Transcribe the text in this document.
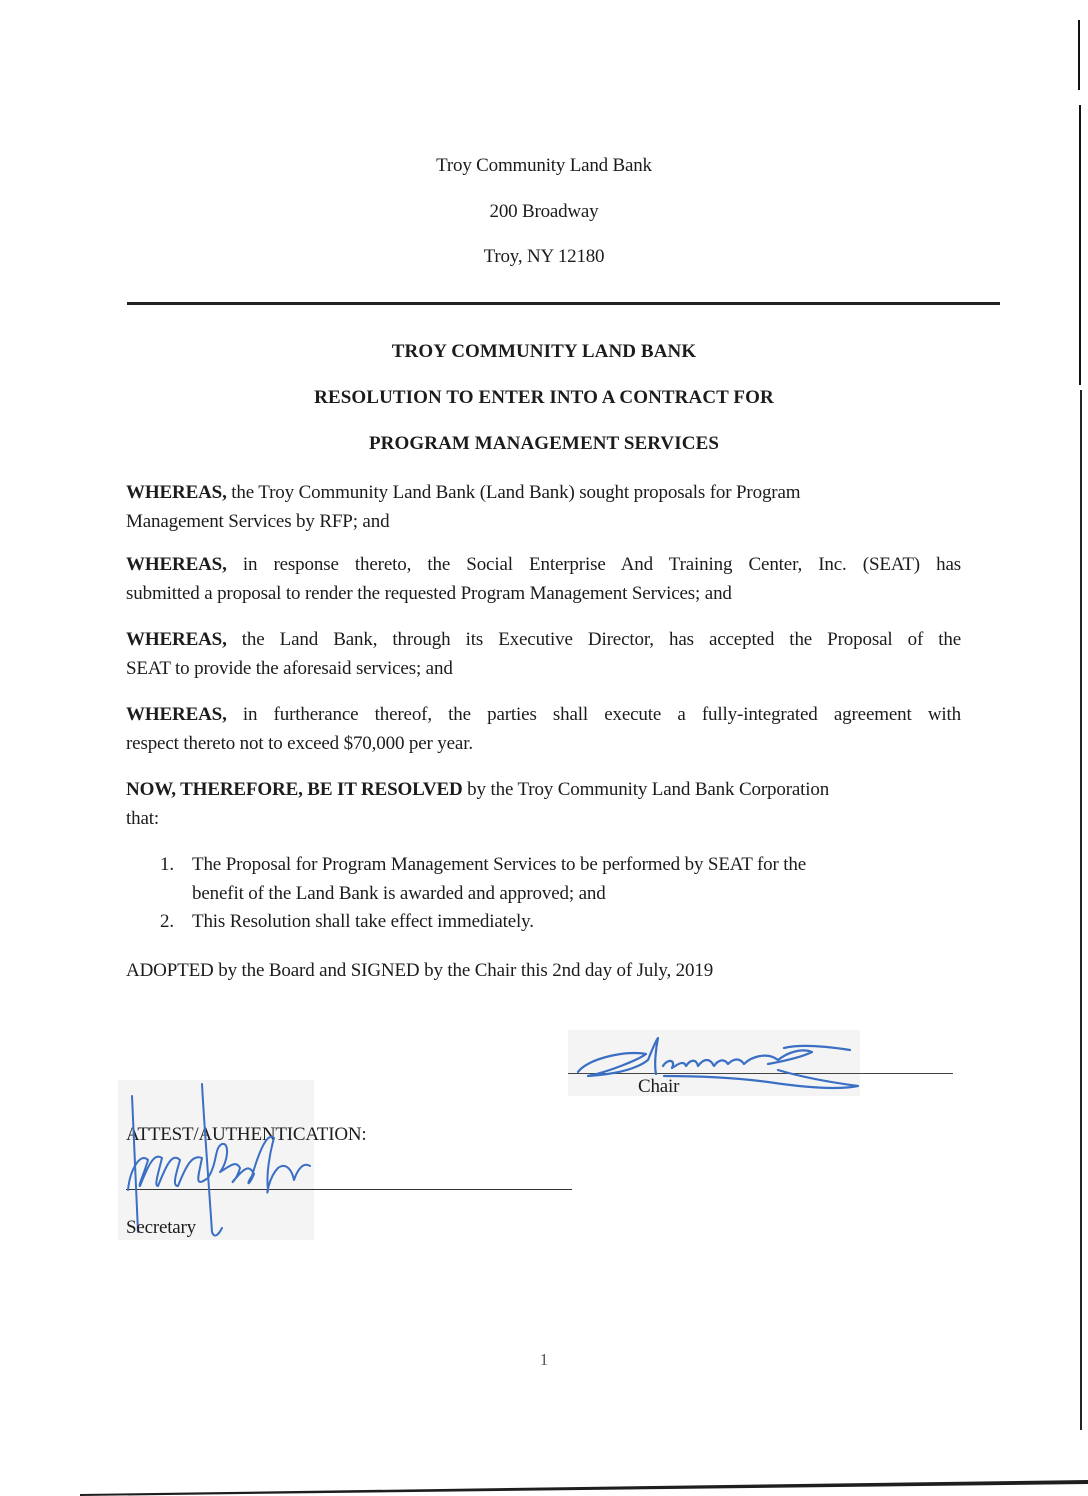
Troy Community Land Bank
200 Broadway
Troy, NY 12180
TROY COMMUNITY LAND BANK
RESOLUTION TO ENTER INTO A CONTRACT FOR
PROGRAM MANAGEMENT SERVICES
WHEREAS, the Troy Community Land Bank (Land Bank) sought proposals for Program
Management Services by RFP; and
WHEREAS, in response thereto, the Social Enterprise And Training Center, Inc. (SEAT) has
submitted a proposal to render the requested Program Management Services; and
WHEREAS, the Land Bank, through its Executive Director, has accepted the Proposal of the
SEAT to provide the aforesaid services; and
WHEREAS, in furtherance thereof, the parties shall execute a fully-integrated agreement with
respect thereto not to exceed $70,000 per year.
NOW, THEREFORE, BE IT RESOLVED by the Troy Community Land Bank Corporation
that:
1. The Proposal for Program Management Services to be performed by SEAT for the
benefit of the Land Bank is awarded and approved; and
2. This Resolution shall take effect immediately.
ADOPTED by the Board and SIGNED by the Chair this 2nd day of July, 2019
Chair
ATTEST/AUTHENTICATION:
Secretary
1
